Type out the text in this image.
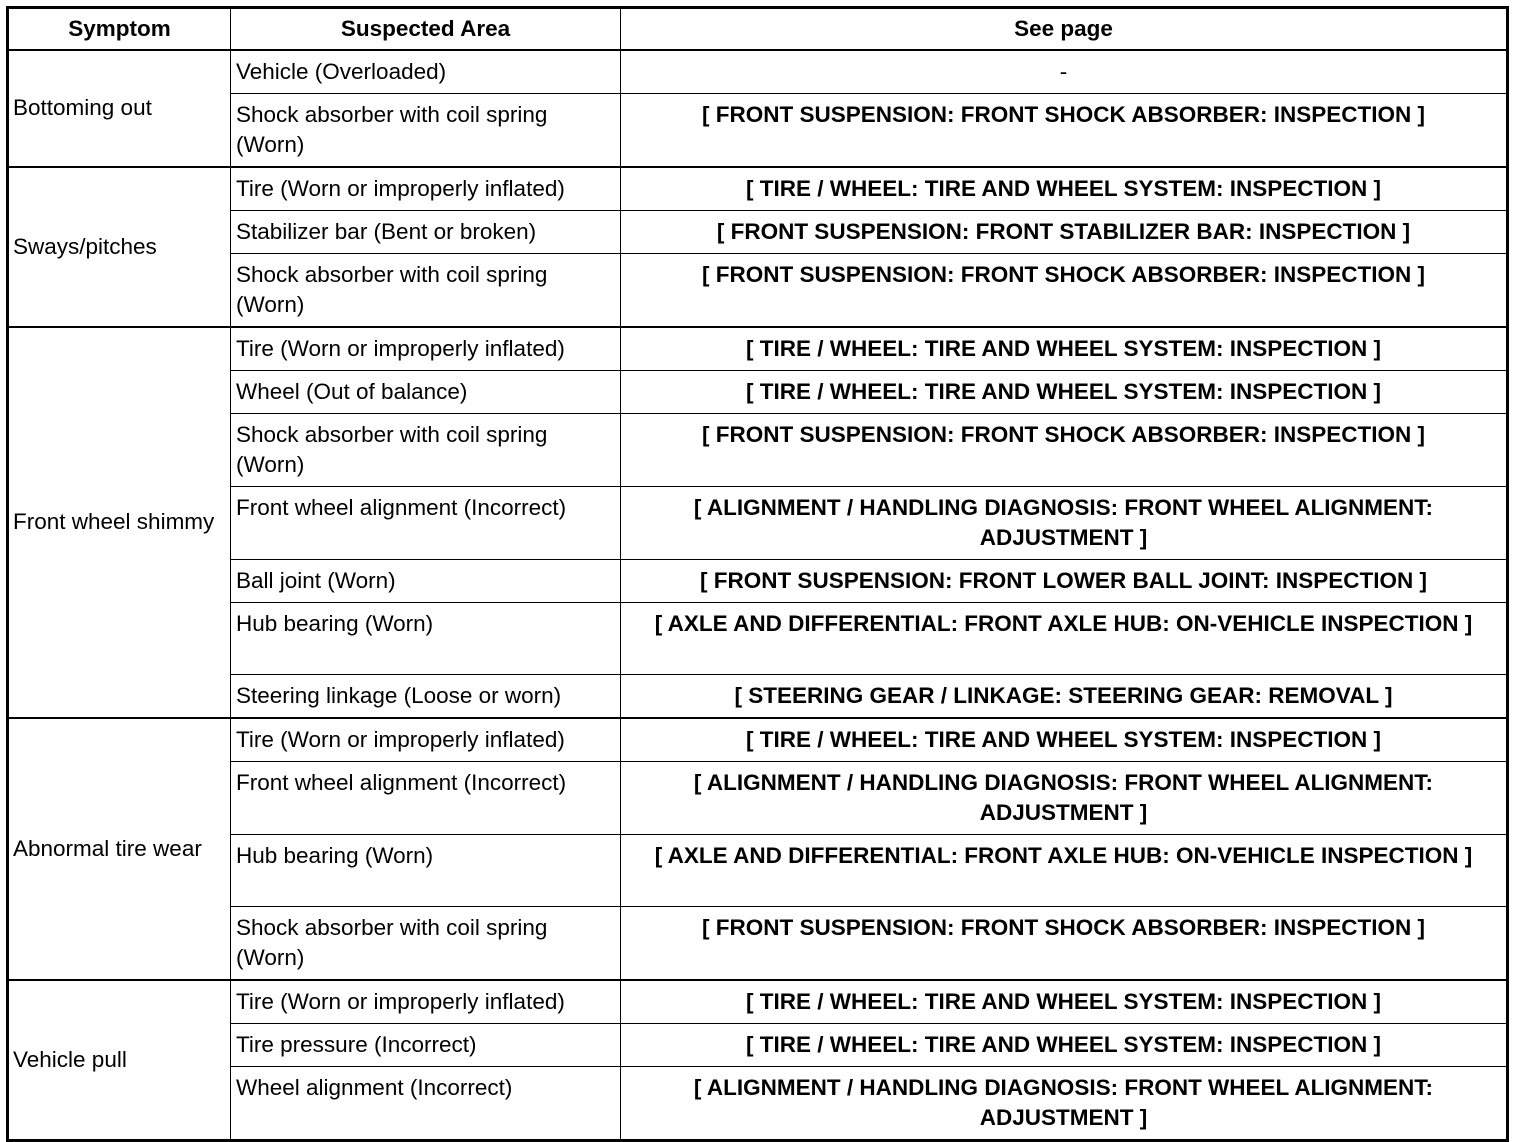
Symptom	Suspected Area	See page
Bottoming out	Vehicle (Overloaded)	-
	Shock absorber with coil spring (Worn)	[ FRONT SUSPENSION: FRONT SHOCK ABSORBER: INSPECTION ]
Sways/pitches	Tire (Worn or improperly inflated)	[ TIRE / WHEEL: TIRE AND WHEEL SYSTEM: INSPECTION ]
	Stabilizer bar (Bent or broken)	[ FRONT SUSPENSION: FRONT STABILIZER BAR: INSPECTION ]
	Shock absorber with coil spring (Worn)	[ FRONT SUSPENSION: FRONT SHOCK ABSORBER: INSPECTION ]
Front wheel shimmy	Tire (Worn or improperly inflated)	[ TIRE / WHEEL: TIRE AND WHEEL SYSTEM: INSPECTION ]
	Wheel (Out of balance)	[ TIRE / WHEEL: TIRE AND WHEEL SYSTEM: INSPECTION ]
	Shock absorber with coil spring (Worn)	[ FRONT SUSPENSION: FRONT SHOCK ABSORBER: INSPECTION ]
	Front wheel alignment (Incorrect)	[ ALIGNMENT / HANDLING DIAGNOSIS: FRONT WHEEL ALIGNMENT: ADJUSTMENT ]
	Ball joint (Worn)	[ FRONT SUSPENSION: FRONT LOWER BALL JOINT: INSPECTION ]
	Hub bearing (Worn)	[ AXLE AND DIFFERENTIAL: FRONT AXLE HUB: ON-VEHICLE INSPECTION ]
	Steering linkage (Loose or worn)	[ STEERING GEAR / LINKAGE: STEERING GEAR: REMOVAL ]
Abnormal tire wear	Tire (Worn or improperly inflated)	[ TIRE / WHEEL: TIRE AND WHEEL SYSTEM: INSPECTION ]
	Front wheel alignment (Incorrect)	[ ALIGNMENT / HANDLING DIAGNOSIS: FRONT WHEEL ALIGNMENT: ADJUSTMENT ]
	Hub bearing (Worn)	[ AXLE AND DIFFERENTIAL: FRONT AXLE HUB: ON-VEHICLE INSPECTION ]
	Shock absorber with coil spring (Worn)	[ FRONT SUSPENSION: FRONT SHOCK ABSORBER: INSPECTION ]
Vehicle pull	Tire (Worn or improperly inflated)	[ TIRE / WHEEL: TIRE AND WHEEL SYSTEM: INSPECTION ]
	Tire pressure (Incorrect)	[ TIRE / WHEEL: TIRE AND WHEEL SYSTEM: INSPECTION ]
	Wheel alignment (Incorrect)	[ ALIGNMENT / HANDLING DIAGNOSIS: FRONT WHEEL ALIGNMENT: ADJUSTMENT ]
